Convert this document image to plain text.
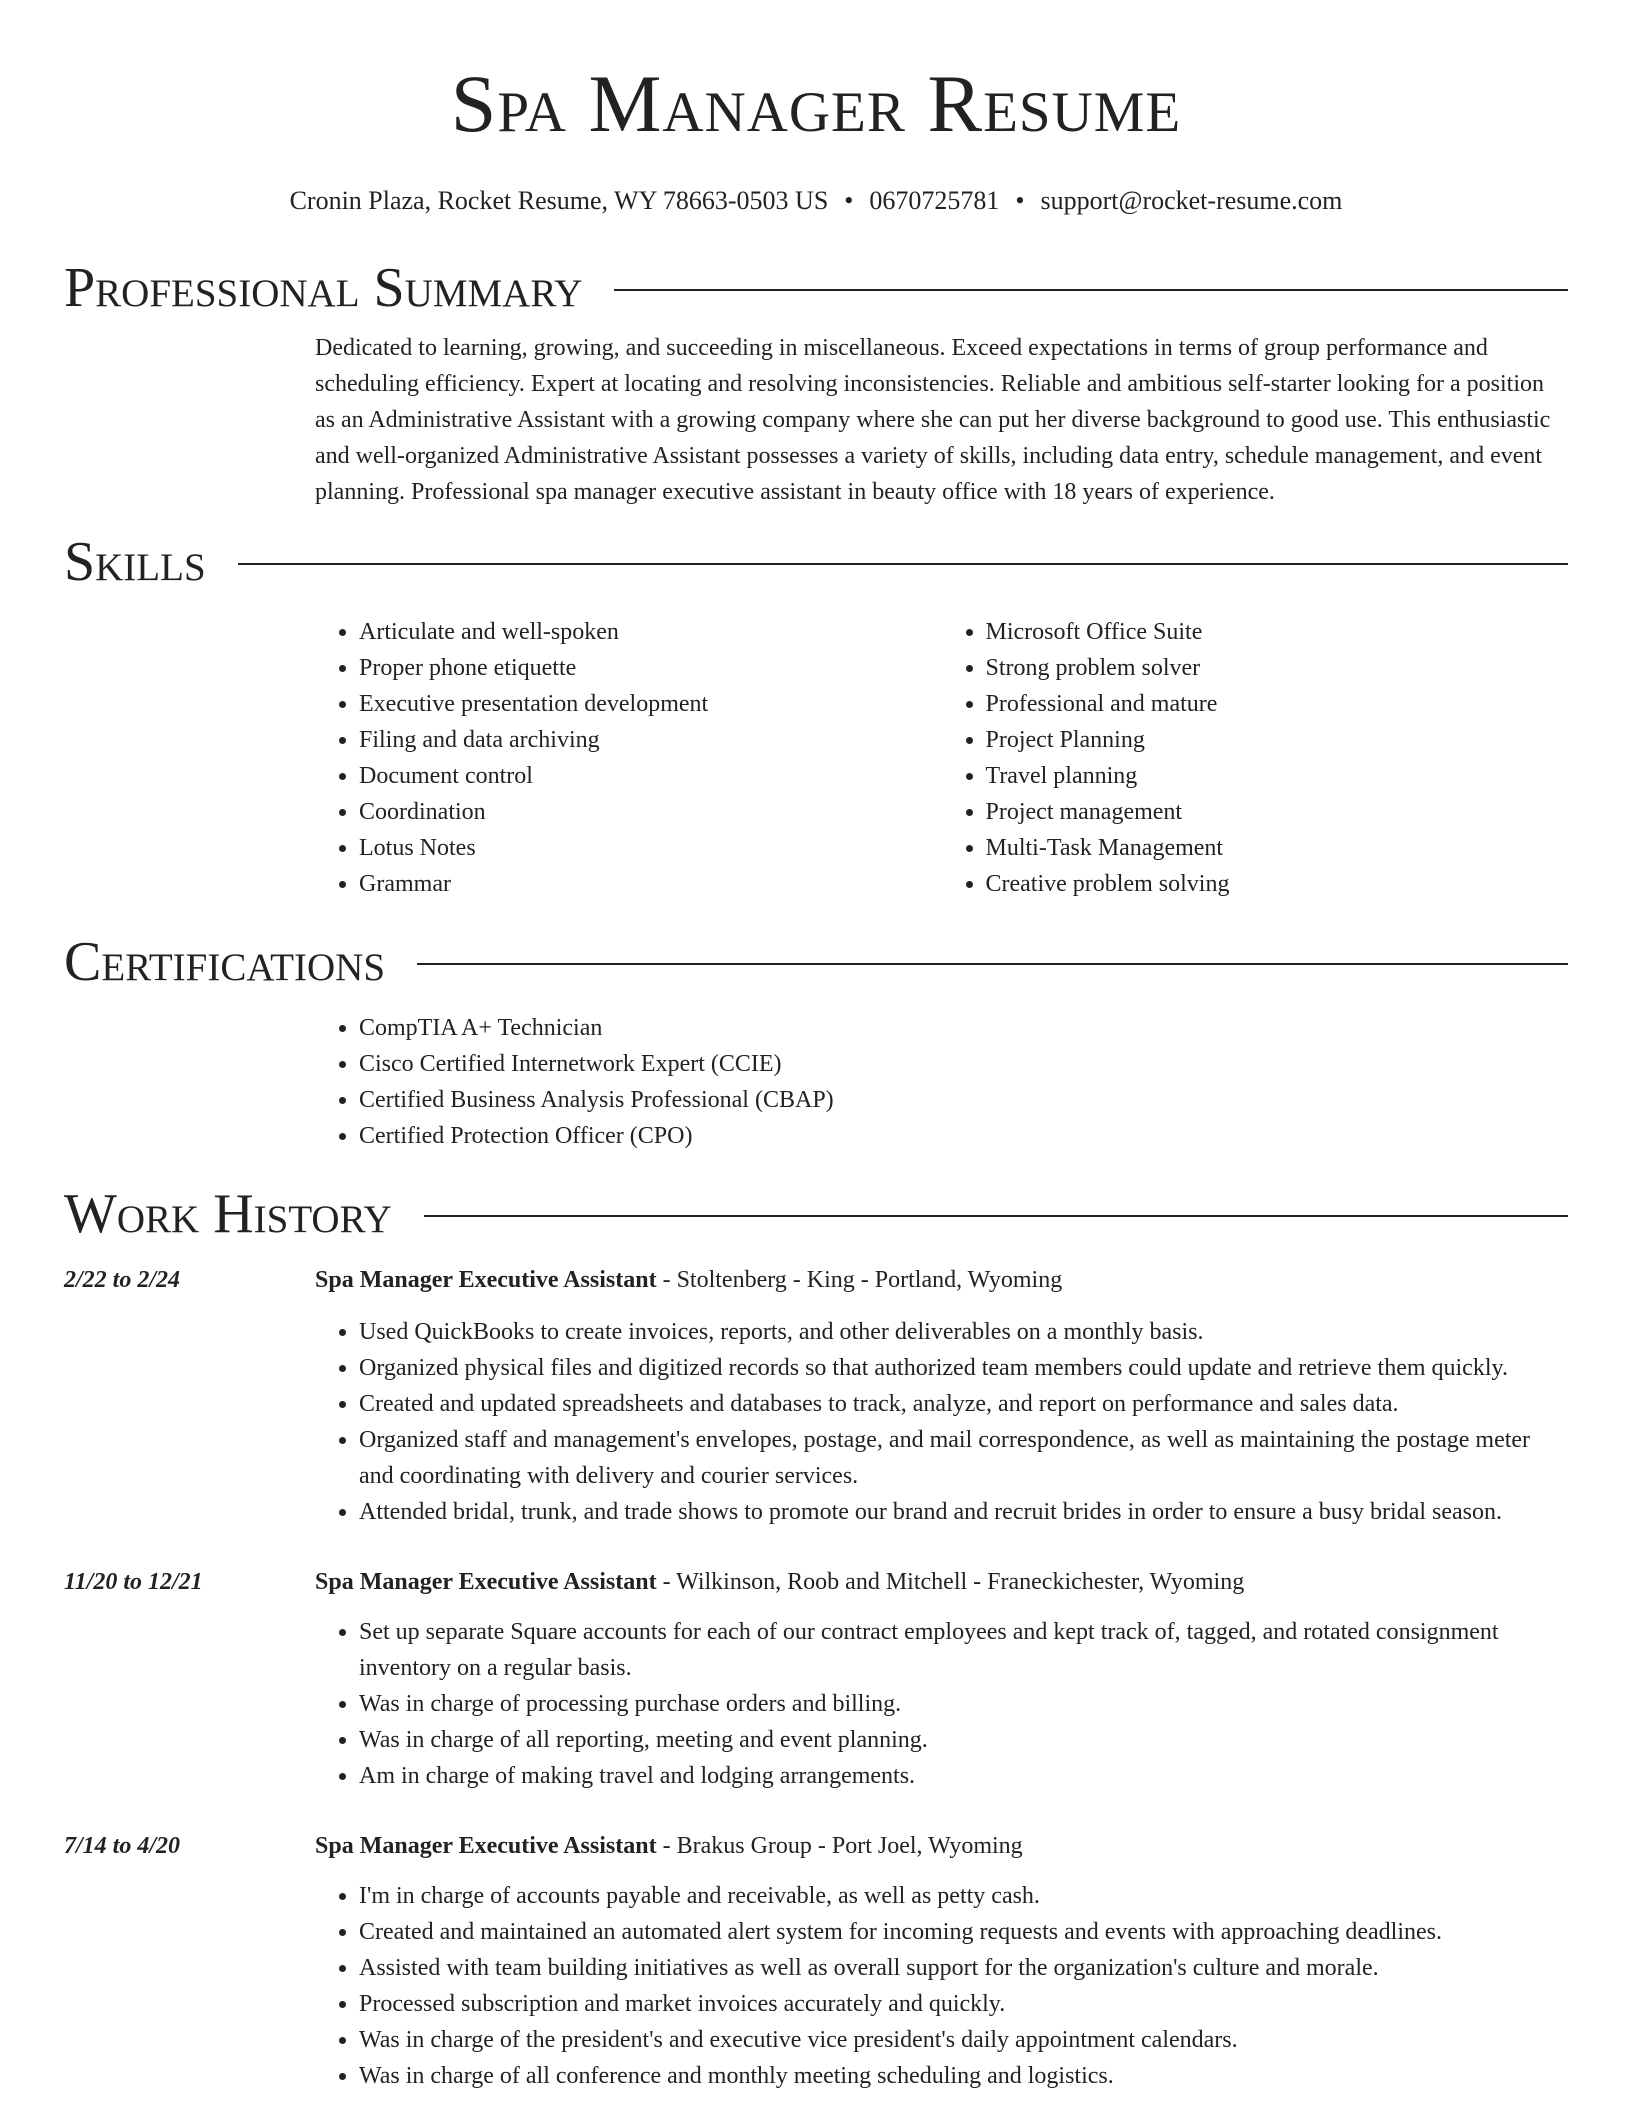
Spa Manager Resume
Cronin Plaza, Rocket Resume, WY 78663-0503 US • 0670725781 • support@rocket-resume.com
Professional Summary

Dedicated to learning, growing, and succeeding in miscellaneous. Exceed expectations in terms of group performance and scheduling efficiency. Expert at locating and resolving inconsistencies. Reliable and ambitious self-starter looking for a position as an Administrative Assistant with a growing company where she can put her diverse background to good use. This enthusiastic and well-organized Administrative Assistant possesses a variety of skills, including data entry, schedule management, and event planning. Professional spa manager executive assistant in beauty office with 18 years of experience.

Skills
• Articulate and well-spoken
• Proper phone etiquette
• Executive presentation development
• Filing and data archiving
• Document control
• Coordination
• Lotus Notes
• Grammar
• Microsoft Office Suite
• Strong problem solver
• Professional and mature
• Project Planning
• Travel planning
• Project management
• Multi-Task Management
• Creative problem solving
Certifications
• CompTIA A+ Technician
• Cisco Certified Internetwork Expert (CCIE)
• Certified Business Analysis Professional (CBAP)
• Certified Protection Officer (CPO)
Work History
2/22 to 2/24	Spa Manager Executive Assistant - Stoltenberg - King - Portland, Wyoming
• Used QuickBooks to create invoices, reports, and other deliverables on a monthly basis.
• Organized physical files and digitized records so that authorized team members could update and retrieve them quickly.
• Created and updated spreadsheets and databases to track, analyze, and report on performance and sales data.
• Organized staff and management's envelopes, postage, and mail correspondence, as well as maintaining the postage meter and coordinating with delivery and courier services.
• Attended bridal, trunk, and trade shows to promote our brand and recruit brides in order to ensure a busy bridal season.
11/20 to 12/21	Spa Manager Executive Assistant - Wilkinson, Roob and Mitchell - Franeckichester, Wyoming
• Set up separate Square accounts for each of our contract employees and kept track of, tagged, and rotated consignment inventory on a regular basis.
• Was in charge of processing purchase orders and billing.
• Was in charge of all reporting, meeting and event planning.
• Am in charge of making travel and lodging arrangements.
7/14 to 4/20	Spa Manager Executive Assistant - Brakus Group - Port Joel, Wyoming
• I'm in charge of accounts payable and receivable, as well as petty cash.
• Created and maintained an automated alert system for incoming requests and events with approaching deadlines.
• Assisted with team building initiatives as well as overall support for the organization's culture and morale.
• Processed subscription and market invoices accurately and quickly.
• Was in charge of the president's and executive vice president's daily appointment calendars.
• Was in charge of all conference and monthly meeting scheduling and logistics.
